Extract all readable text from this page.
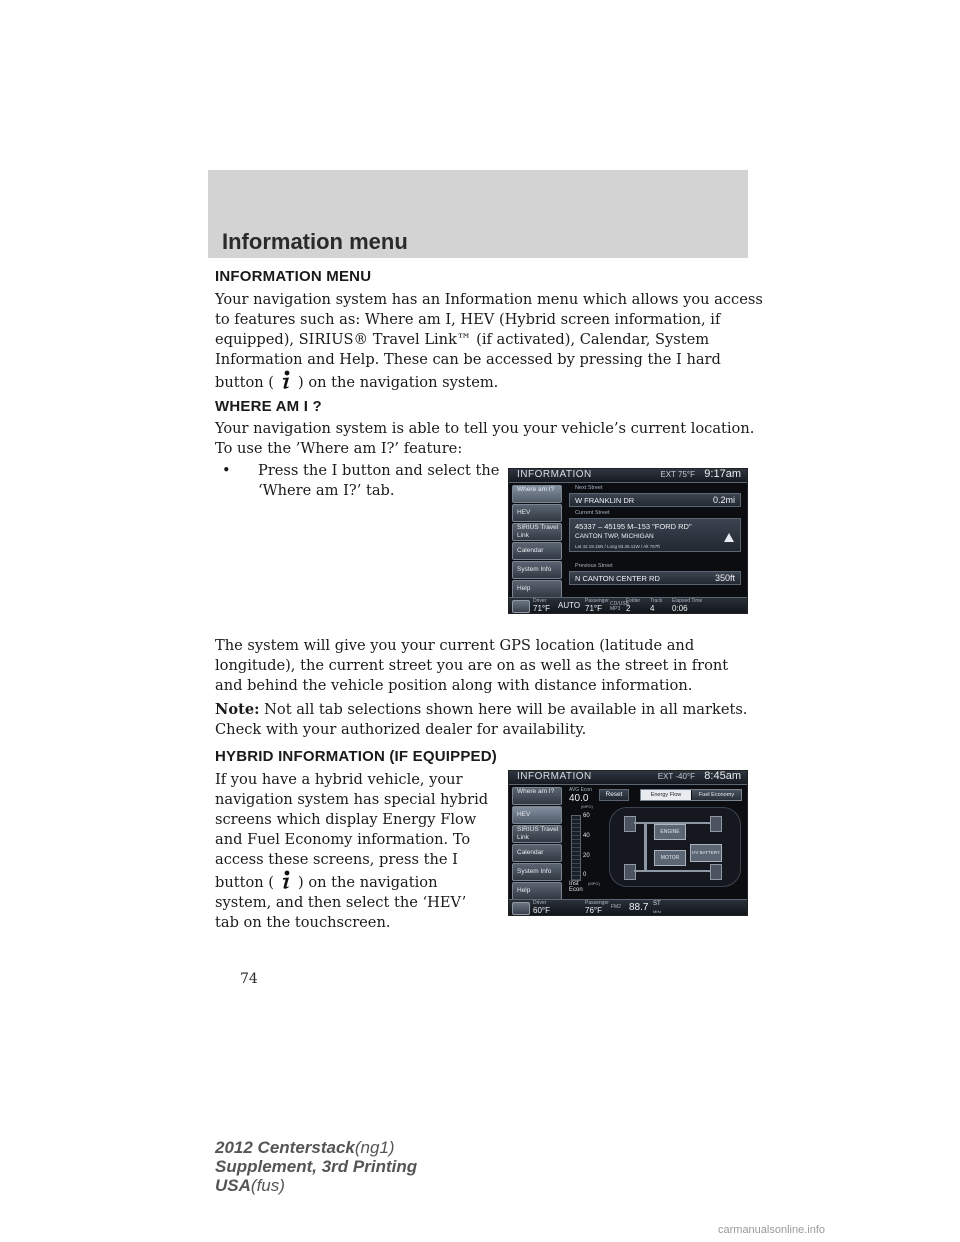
Information menu
INFORMATION MENU
Your navigation system has an Information menu which allows you access
to features such as: Where am I, HEV (Hybrid screen information, if
equipped), SIRIUS® Travel Link™ (if activated), Calendar, System
Information and Help. These can be accessed by pressing the I hard
button ( ) on the navigation system.
WHERE AM I ?
Your navigation system is able to tell you your vehicle’s current location.
To use the ’Where am I?’ feature:
• Press the I button and select the
‘Where am I?’ tab.
INFORMATION	EXT 75°F 9:17am
Where am I?
HEV
SIRIUS Travel Link
Calendar
System Info
Help
Next Street
W FRANKLIN DR	0.2mi
Current Street
45337 – 45195 M–153 "FORD RD"
CANTON TWP, MICHIGAN
Lat 42.19.15N / Long 83.26.11W / Alt 767ft
Previous Street
N CANTON CENTER RD	350ft
Driver
71°F AUTO Passenger
71°F CD/USB MP3
Folder
2
Track
4
Elapsed Time
0:06
The system will give you your current GPS location (latitude and
longitude), the current street you are on as well as the street in front
and behind the vehicle position along with distance information.
Note: Not all tab selections shown here will be available in all markets.
Check with your authorized dealer for availability.
HYBRID INFORMATION (IF EQUIPPED)
If you have a hybrid vehicle, your
navigation system has special hybrid
screens which display Energy Flow
and Fuel Economy information. To
access these screens, press the I
button ( ) on the navigation
system, and then select the ‘HEV’
tab on the touchscreen.
INFORMATION	EXT -40°F 8:45am
Where am I?
HEV
SIRIUS Travel Link
Calendar
System Info
Help
AVG Econ
40.0
(MPG)
Reset	Energy Flow	Fuel Economy
60
40
20
0
Inst Econ
(MPG)
ENGINE
MOTOR
HV BATTERY
Driver
60°F
Passenger
76°F FM2 88.7 ST
MHz
74
2012 Centerstack(ng1)
Supplement, 3rd Printing
USA(fus)
carmanualsonline.info
